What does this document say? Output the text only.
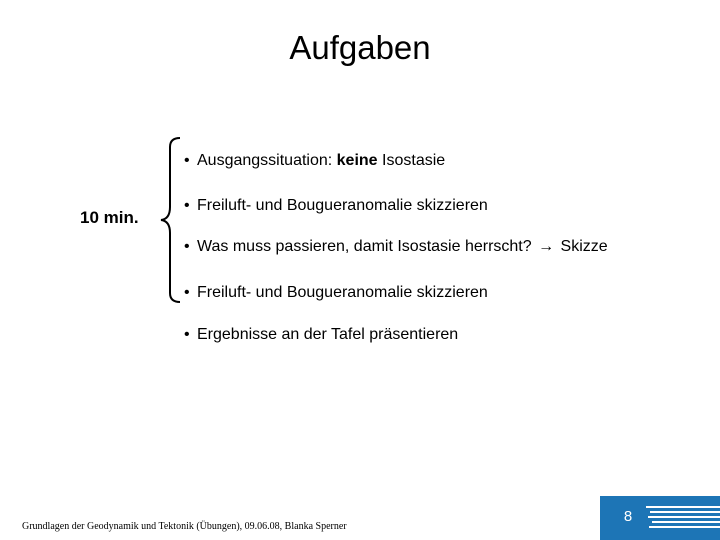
Aufgaben
10 min.
• Ausgangssituation: keine Isostasie
• Freiluft- und Bougueranomalie skizzieren
• Was muss passieren, damit Isostasie herrscht? → Skizze
• Freiluft- und Bougueranomalie skizzieren
• Ergebnisse an der Tafel präsentieren
Grundlagen der Geodynamik und Tektonik (Übungen), 09.06.08, Blanka Sperner
8
